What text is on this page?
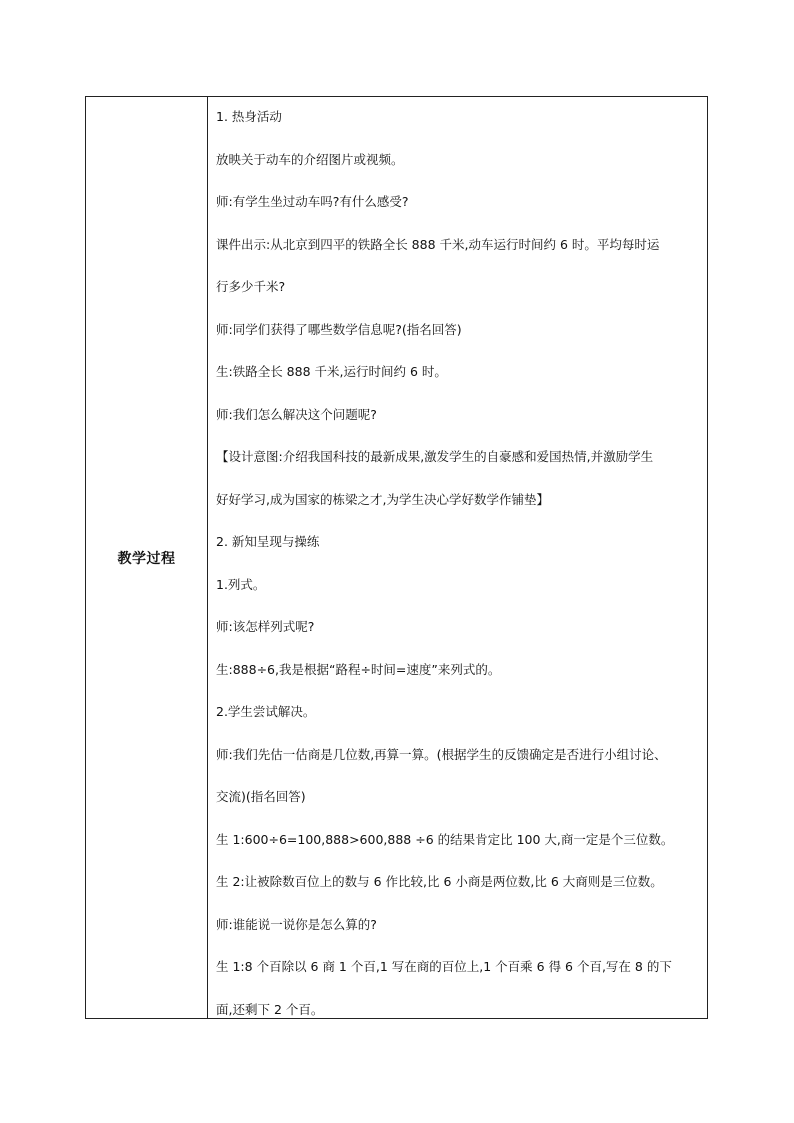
教学过程
1. 热身活动
放映关于动车的介绍图片或视频。
师:有学生坐过动车吗?有什么感受?
课件出示:从北京到四平的铁路全长 888 千米,动车运行时间约 6 时。平均每时运
行多少千米?
师:同学们获得了哪些数学信息呢?(指名回答)
生:铁路全长 888 千米,运行时间约 6 时。
师:我们怎么解决这个问题呢?
【设计意图:介绍我国科技的最新成果,激发学生的自豪感和爱国热情,并激励学生
好好学习,成为国家的栋梁之才,为学生决心学好数学作铺垫】
2. 新知呈现与操练
1.列式。
师:该怎样列式呢?
生:888÷6,我是根据“路程÷时间=速度”来列式的。
2.学生尝试解决。
师:我们先估一估商是几位数,再算一算。(根据学生的反馈确定是否进行小组讨论、
交流)(指名回答)
生 1:600÷6=100,888>600,888 ÷6 的结果肯定比 100 大,商一定是个三位数。
生 2:让被除数百位上的数与 6 作比较,比 6 小商是两位数,比 6 大商则是三位数。
师:谁能说一说你是怎么算的?
生 1:8 个百除以 6 商 1 个百,1 写在商的百位上,1 个百乘 6 得 6 个百,写在 8 的下
面,还剩下 2 个百。
